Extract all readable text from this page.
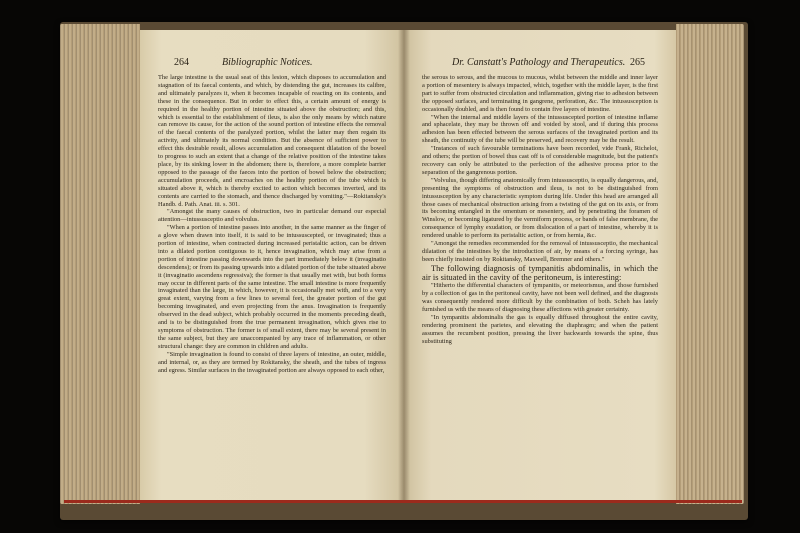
264	Bibliographic Notices.

The large intestine is the usual seat of this lesion, which disposes to accumulation and stagnation of its faecal contents, and which, by distending the gut, increases its calibre, and ultimately paralyzes it, when it becomes incapable of reacting on its contents, and these in the consequence. But in order to effect this, a certain amount of energy is required in the healthy portion of intestine situated above the obstruction; and this, which is essential to the establishment of ileus, is also the only means by which nature can remove its cause, for the action of the sound portion of intestine effects the removal of the faecal contents of the paralyzed portion, whilst the latter may then regain its activity, and ultimately its normal condition. But the absence of sufficient power to effect this desirable result, allows accumulation and consequent dilatation of the bowel to progress to such an extent that a change of the relative position of the intestine takes place, by its sinking lower in the abdomen; there is, therefore, a more complete barrier opposed to the passage of the faeces into the portion of bowel below the obstruction; accumulation proceeds, and encroaches on the healthy portion of the tube which is situated above it, which is thereby excited to action which becomes inverted, and its contents are carried to the stomach, and thence discharged by vomiting."—Rokitansky's Handb. d. Path. Anat. iii. s. 301.

"Amongst the many causes of obstruction, two in particular demand our especial attention—intussusceptio and volvulus.

"When a portion of intestine passes into another, in the same manner as the finger of a glove when drawn into itself, it is said to be intussuscepted, or invaginated; thus a portion of intestine, when contracted during increased peristaltic action, can be driven into a dilated portion contiguous to it, hence invagination, which may arise from a portion of intestine passing downwards into the part immediately below it (invaginatio descendens); or from its passing upwards into a dilated portion of the tube situated above it (invaginatio ascendens regressiva); the former is that usually met with, but both forms may occur in different parts of the same intestine. The small intestine is more frequently invaginated than the large, in which, however, it is occasionally met with, and to a very great extent, varying from a few lines to several feet, the greater portion of the gut becoming invaginated, and even projecting from the anus. Invagination is frequently observed in the dead subject, which probably occurred in the moments preceding death, and is to be distinguished from the true permanent invagination, which gives rise to symptoms of obstruction. The former is of small extent, there may be several present in the same subject, but they are unaccompanied by any trace of inflammation, or other structural change: they are common in children and adults.

"Simple invagination is found to consist of three layers of intestine, an outer, middle, and internal, or, as they are termed by Rokitansky, the sheath, and the tubes of ingress and egress. Similar surfaces in the invaginated portion are always opposed to each other,

Dr. Canstatt's Pathology and Therapeutics. 265

the serous to serous, and the mucous to mucous, whilst between the middle and inner layer a portion of mesentery is always impacted, which, together with the middle layer, is the first part to suffer from obstructed circulation and inflammation, giving rise to adhesion between the opposed surfaces, and terminating in gangrene, perforation, &c. The intussusception is occasionally doubled, and is then found to contain five layers of intestine.

"When the internal and middle layers of the intussuscepted portion of intestine inflame and sphacelate, they may be thrown off and voided by stool, and if during this process adhesion has been effected between the serous surfaces of the invaginated portion and its sheath, the continuity of the tube will be preserved, and recovery may be the result.

"Instances of such favourable terminations have been recorded, vide Frank, Richelot, and others; the portion of bowel thus cast off is of considerable magnitude, but the patient's recovery can only be attributed to the perfection of the adhesive process prior to the separation of the gangrenous portion.

"Volvulus, though differing anatomically from intussusceptio, is equally dangerous, and, presenting the symptoms of obstruction and ileus, is not to be distinguished from intussusception by any characteristic symptom during life. Under this head are arranged all those cases of mechanical obstruction arising from a twisting of the gut on its axis, or from its becoming entangled in the omentum or mesentery, and by penetrating the foramen of Winslow, or becoming ligatured by the vermiform process, or bands of false membrane, the consequence of lymphy exudation, or from dislocation of a part of intestine, whereby it is rendered unable to perform its peristaltic action, or from hernia, &c.

"Amongst the remedies recommended for the removal of intussusceptio, the mechanical dilatation of the intestines by the introduction of air, by means of a forcing syringe, has been chiefly insisted on by Rokitansky, Maxwell, Bremner and others."

The following diagnosis of tympanitis abdominalis, in which the air is situated in the cavity of the peritoneum, is interesting:

"Hitherto the differential characters of tympanitis, or meteorismus, and those furnished by a collection of gas in the peritoneal cavity, have not been well defined, and the diagnosis was consequently rendered more difficult by the combination of both. Scheh has lately furnished us with the means of diagnosing these affections with greater certainty.

"In tympanitis abdominalis the gas is equally diffused throughout the entire cavity, rendering prominent the parietes, and elevating the diaphragm; and when the patient assumes the recumbent position, pressing the liver backwards towards the spine, thus substituting
